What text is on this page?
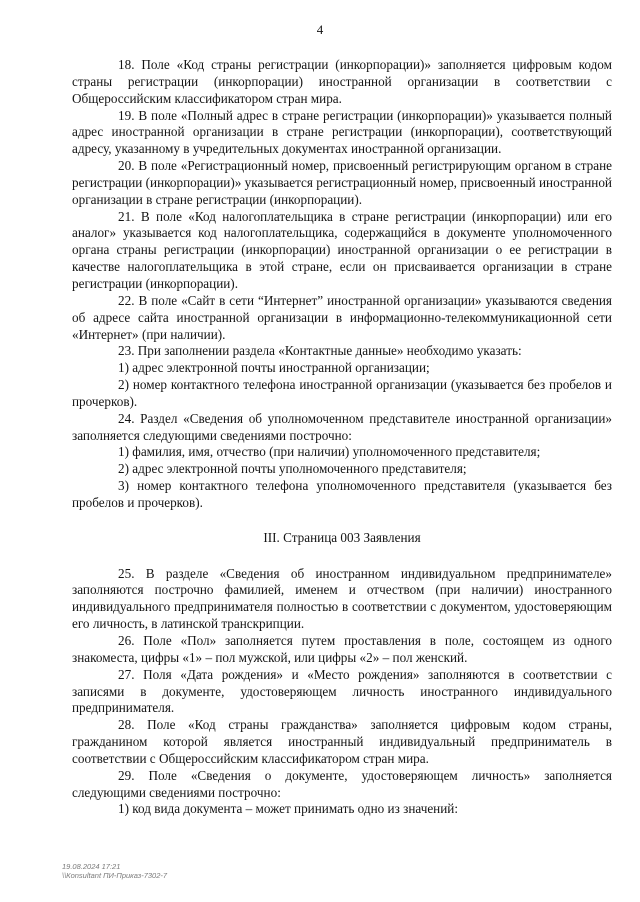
4

18. Поле «Код страны регистрации (инкорпорации)» заполняется цифровым кодом страны регистрации (инкорпорации) иностранной организации в соответствии с Общероссийским классификатором стран мира.

19. В поле «Полный адрес в стране регистрации (инкорпорации)» указывается полный адрес иностранной организации в стране регистрации (инкорпорации), соответствующий адресу, указанному в учредительных документах иностранной организации.

20. В поле «Регистрационный номер, присвоенный регистрирующим органом в стране регистрации (инкорпорации)» указывается регистрационный номер, присвоенный иностранной организации в стране регистрации (инкорпорации).

21. В поле «Код налогоплательщика в стране регистрации (инкорпорации) или его аналог» указывается код налогоплательщика, содержащийся в документе уполномоченного органа страны регистрации (инкорпорации) иностранной организации о ее регистрации в качестве налогоплательщика в этой стране, если он присваивается организации в стране регистрации (инкорпорации).

22. В поле «Сайт в сети “Интернет” иностранной организации» указываются сведения об адресе сайта иностранной организации в информационно-телекоммуникационной сети «Интернет» (при наличии).

23. При заполнении раздела «Контактные данные» необходимо указать:

1) адрес электронной почты иностранной организации;

2) номер контактного телефона иностранной организации (указывается без пробелов и прочерков).

24. Раздел «Сведения об уполномоченном представителе иностранной организации» заполняется следующими сведениями построчно:

1) фамилия, имя, отчество (при наличии) уполномоченного представителя;

2) адрес электронной почты уполномоченного представителя;

3) номер контактного телефона уполномоченного представителя (указывается без пробелов и прочерков).

III. Страница 003 Заявления

25. В разделе «Сведения об иностранном индивидуальном предпринимателе» заполняются построчно фамилией, именем и отчеством (при наличии) иностранного индивидуального предпринимателя полностью в соответствии с документом, удостоверяющим его личность, в латинской транскрипции.

26. Поле «Пол» заполняется путем проставления в поле, состоящем из одного знакоместа, цифры «1» – пол мужской, или цифры «2» – пол женский.

27. Поля «Дата рождения» и «Место рождения» заполняются в соответствии с записями в документе, удостоверяющем личность иностранного индивидуального предпринимателя.

28. Поле «Код страны гражданства» заполняется цифровым кодом страны, гражданином которой является иностранный индивидуальный предприниматель в соответствии с Общероссийским классификатором стран мира.

29. Поле «Сведения о документе, удостоверяющем личность» заполняется следующими сведениями построчно:

1) код вида документа – может принимать одно из значений:

19.08.2024 17:21
\\Кonsultant ПИ-Приказ-7302-7
